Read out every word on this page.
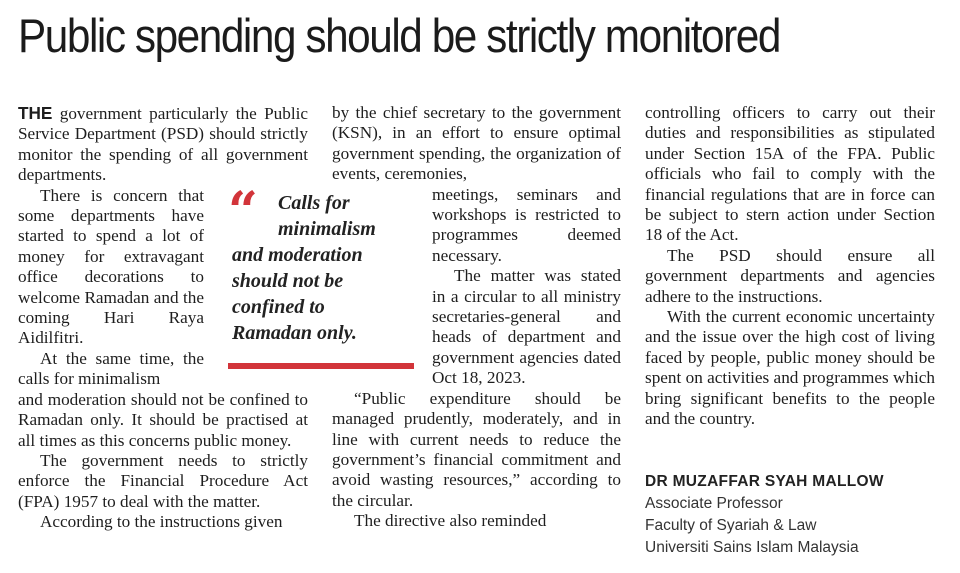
Public spending should be strictly monitored

THE government particularly the Public Service Department (PSD) should strictly monitor the spending of all government departments.

There is concern that some departments have started to spend a lot of money for extravagant office decorations to welcome Ramadan and the coming Hari Raya Aidilfitri.

At the same time, the calls for minimalism

and moderation should not be confined to Ramadan only. It should be practised at all times as this concerns public money.

The government needs to strictly enforce the Financial Procedure Act (FPA) 1957 to deal with the matter.

According to the instructions given

“	Calls for
minimalism
and moderation
should not be
confined to
Ramadan only.

by the chief secretary to the government (KSN), in an effort to ensure optimal government spending, the organization of events, ceremonies,

meetings, seminars and workshops is restricted to programmes deemed necessary.

The matter was stated in a circular to all ministry secretaries-general and heads of department and government agencies dated Oct 18, 2023.

“Public expenditure should be managed prudently, moderately, and in line with current needs to reduce the government’s financial commitment and avoid wasting resources,” according to the circular.

The directive also reminded

controlling officers to carry out their duties and responsibilities as stipulated under Section 15A of the FPA. Public officials who fail to comply with the financial regulations that are in force can be subject to stern action under Section 18 of the Act.

The PSD should ensure all government departments and agencies adhere to the instructions.

With the current economic uncertainty and the issue over the high cost of living faced by people, public money should be spent on activities and programmes which bring significant benefits to the people and the country.

DR MUZAFFAR SYAH MALLOW
Associate Professor
Faculty of Syariah & Law
Universiti Sains Islam Malaysia
